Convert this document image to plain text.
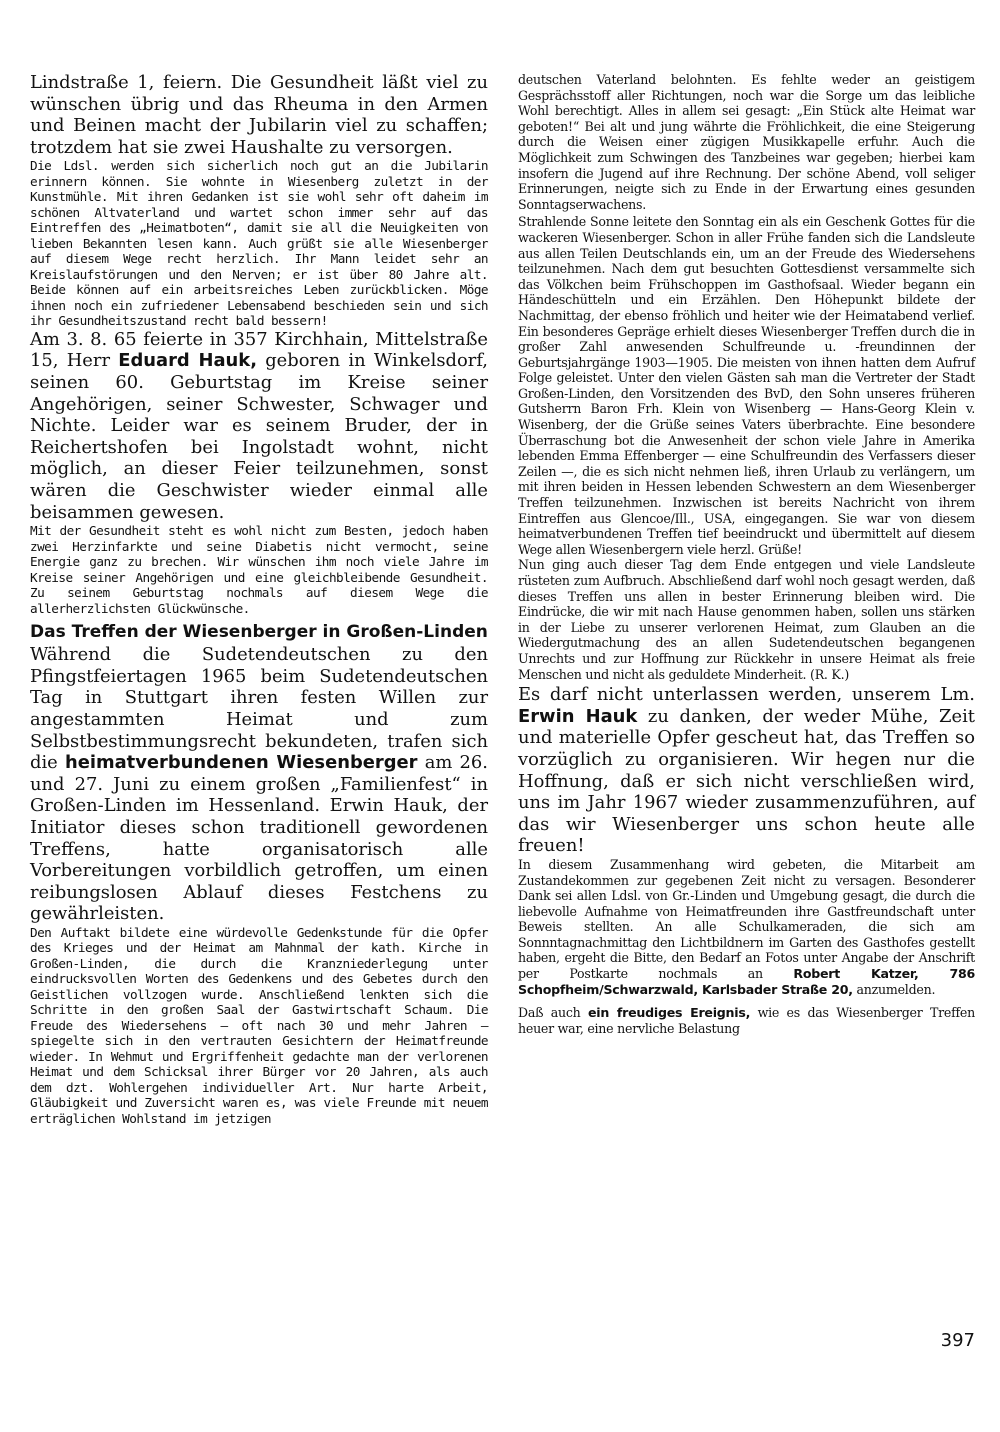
Lindstraße 1, feiern. Die Gesundheit läßt viel zu wünschen übrig und das Rheuma in den Armen und Beinen macht der Jubilarin viel zu schaffen; trotzdem hat sie zwei Haushalte zu versorgen.

Die Ldsl. werden sich sicherlich noch gut an die Jubilarin erinnern können. Sie wohnte in Wiesenberg zuletzt in der Kunstmühle. Mit ihren Gedanken ist sie wohl sehr oft daheim im schönen Altvaterland und wartet schon immer sehr auf das Eintreffen des „Heimatboten“, damit sie all die Neuigkeiten von lieben Bekannten lesen kann. Auch grüßt sie alle Wiesenberger auf diesem Wege recht herzlich. Ihr Mann leidet sehr an Kreislaufstörungen und den Nerven; er ist über 80 Jahre alt. Beide können auf ein arbeitsreiches Leben zurückblicken. Möge ihnen noch ein zufriedener Lebensabend beschieden sein und sich ihr Gesundheitszustand recht bald bessern!

Am 3. 8. 65 feierte in 357 Kirchhain, Mittelstraße 15, Herr Eduard Hauk, geboren in Winkelsdorf, seinen 60. Geburtstag im Kreise seiner Angehörigen, seiner Schwester, Schwager und Nichte. Leider war es seinem Bruder, der in Reichertshofen bei Ingolstadt wohnt, nicht möglich, an dieser Feier teilzunehmen, sonst wären die Geschwister wieder einmal alle beisammen gewesen.

Mit der Gesundheit steht es wohl nicht zum Besten, jedoch haben zwei Herzinfarkte und seine Diabetis nicht vermocht, seine Energie ganz zu brechen. Wir wünschen ihm noch viele Jahre im Kreise seiner Angehörigen und eine gleichbleibende Gesundheit. Zu seinem Geburtstag nochmals auf diesem Wege die allerherzlichsten Glückwünsche.

Das Treffen der Wiesenberger in Großen-Linden

Während die Sudetendeutschen zu den Pfingstfeiertagen 1965 beim Sudetendeutschen Tag in Stuttgart ihren festen Willen zur angestammten Heimat und zum Selbstbestimmungsrecht bekundeten, trafen sich die heimatverbundenen Wiesenberger am 26. und 27. Juni zu einem großen „Familienfest“ in Großen-Linden im Hessenland. Erwin Hauk, der Initiator dieses schon traditionell gewordenen Treffens, hatte organisatorisch alle Vorbereitungen vorbildlich getroffen, um einen reibungslosen Ablauf dieses Festchens zu gewährleisten.

Den Auftakt bildete eine würdevolle Gedenkstunde für die Opfer des Krieges und der Heimat am Mahnmal der kath. Kirche in Großen-Linden, die durch die Kranzniederlegung unter eindrucksvollen Worten des Gedenkens und des Gebetes durch den Geistlichen vollzogen wurde. Anschließend lenkten sich die Schritte in den großen Saal der Gastwirtschaft Schaum. Die Freude des Wiedersehens — oft nach 30 und mehr Jahren — spiegelte sich in den vertrauten Gesichtern der Heimatfreunde wieder. In Wehmut und Ergriffenheit gedachte man der verlorenen Heimat und dem Schicksal ihrer Bürger vor 20 Jahren, als auch dem dzt. Wohlergehen individueller Art. Nur harte Arbeit, Gläubigkeit und Zuversicht waren es, was viele Freunde mit neuem erträglichen Wohlstand im jetzigen

deutschen Vaterland belohnten. Es fehlte weder an geistigem Gesprächsstoff aller Richtungen, noch war die Sorge um das leibliche Wohl berechtigt. Alles in allem sei gesagt: „Ein Stück alte Heimat war geboten!“ Bei alt und jung währte die Fröhlichkeit, die eine Steigerung durch die Weisen einer zügigen Musikkapelle erfuhr. Auch die Möglichkeit zum Schwingen des Tanzbeines war gegeben; hierbei kam insofern die Jugend auf ihre Rechnung. Der schöne Abend, voll seliger Erinnerungen, neigte sich zu Ende in der Erwartung eines gesunden Sonntagserwachens.

Strahlende Sonne leitete den Sonntag ein als ein Geschenk Gottes für die wackeren Wiesenberger. Schon in aller Frühe fanden sich die Landsleute aus allen Teilen Deutschlands ein, um an der Freude des Wiedersehens teilzunehmen. Nach dem gut besuchten Gottesdienst versammelte sich das Völkchen beim Frühschoppen im Gasthofsaal. Wieder begann ein Händeschütteln und ein Erzählen. Den Höhepunkt bildete der Nachmittag, der ebenso fröhlich und heiter wie der Heimatabend verlief. Ein besonderes Gepräge erhielt dieses Wiesenberger Treffen durch die in großer Zahl anwesenden Schulfreunde u. -freundinnen der Geburtsjahrgänge 1903—1905. Die meisten von ihnen hatten dem Aufruf Folge geleistet. Unter den vielen Gästen sah man die Vertreter der Stadt Großen-Linden, den Vorsitzenden des BvD, den Sohn unseres früheren Gutsherrn Baron Frh. Klein von Wisenberg — Hans-Georg Klein v. Wisenberg, der die Grüße seines Vaters überbrachte. Eine besondere Überraschung bot die Anwesenheit der schon viele Jahre in Amerika lebenden Emma Effenberger — eine Schulfreundin des Verfassers dieser Zeilen —, die es sich nicht nehmen ließ, ihren Urlaub zu verlängern, um mit ihren beiden in Hessen lebenden Schwestern an dem Wiesenberger Treffen teilzunehmen. Inzwischen ist bereits Nachricht von ihrem Eintreffen aus Glencoe/Ill., USA, eingegangen. Sie war von diesem heimatverbundenen Treffen tief beeindruckt und übermittelt auf diesem Wege allen Wiesenbergern viele herzl. Grüße!

Nun ging auch dieser Tag dem Ende entgegen und viele Landsleute rüsteten zum Aufbruch. Abschließend darf wohl noch gesagt werden, daß dieses Treffen uns allen in bester Erinnerung bleiben wird. Die Eindrücke, die wir mit nach Hause genommen haben, sollen uns stärken in der Liebe zu unserer verlorenen Heimat, zum Glauben an die Wiedergutmachung des an allen Sudetendeutschen begangenen Unrechts und zur Hoffnung zur Rückkehr in unsere Heimat als freie Menschen und nicht als geduldete Minderheit. (R. K.)

Es darf nicht unterlassen werden, unserem Lm. Erwin Hauk zu danken, der weder Mühe, Zeit und materielle Opfer gescheut hat, das Treffen so vorzüglich zu organisieren. Wir hegen nur die Hoffnung, daß er sich nicht verschließen wird, uns im Jahr 1967 wieder zusammenzuführen, auf das wir Wiesenberger uns schon heute alle freuen!

In diesem Zusammenhang wird gebeten, die Mitarbeit am Zustandekommen zur gegebenen Zeit nicht zu versagen. Besonderer Dank sei allen Ldsl. von Gr.-Linden und Umgebung gesagt, die durch die liebevolle Aufnahme von Heimatfreunden ihre Gastfreundschaft unter Beweis stellten. An alle Schulkameraden, die sich am Sonnntagnachmittag den Lichtbildnern im Garten des Gasthofes gestellt haben, ergeht die Bitte, den Bedarf an Fotos unter Angabe der Anschrift per Postkarte nochmals an Robert Katzer, 786 Schopfheim/Schwarzwald, Karlsbader Straße 20, anzumelden.

Daß auch ein freudiges Ereignis, wie es das Wiesenberger Treffen heuer war, eine nervliche Belastung

397
